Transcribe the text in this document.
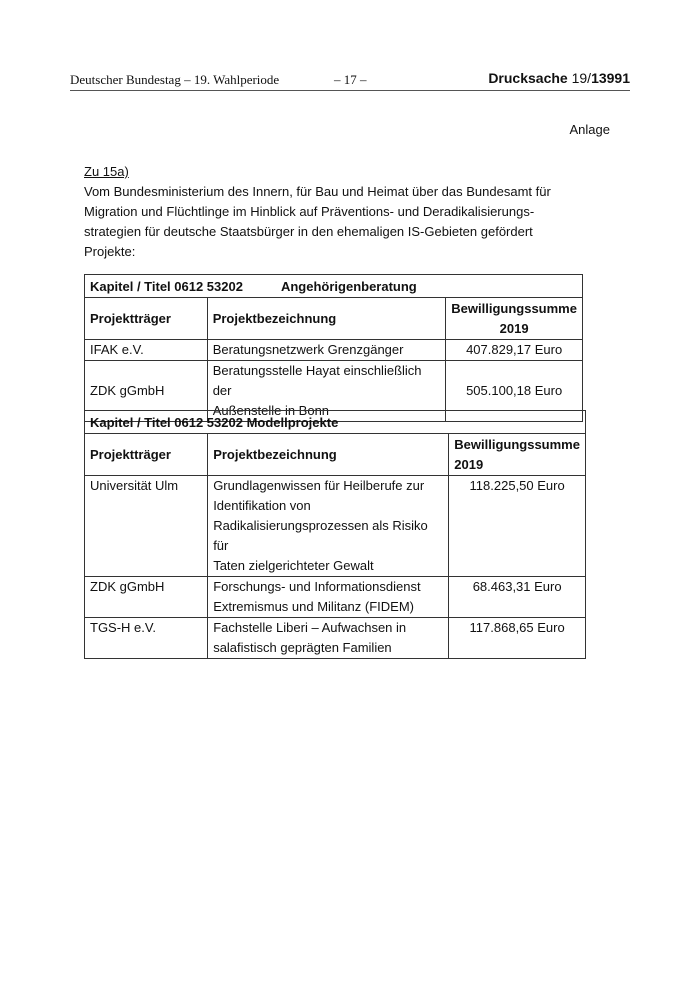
Deutscher Bundestag – 19. Wahlperiode	– 17 –	Drucksache 19/13991
Anlage
Zu 15a)
Vom Bundesministerium des Innern, für Bau und Heimat über das Bundesamt für
Migration und Flüchtlinge im Hinblick auf Präventions- und Deradikalisierungs-
strategien für deutsche Staatsbürger in den ehemaligen IS-Gebieten gefördert
Projekte:
Kapitel / Titel 0612 53202 Angehörigenberatung		
Projektträger	Projektbezeichnung	Bewilligungssumme
2019

IFAK e.V.	Beratungsnetzwerk Grenzgänger	407.829,17 Euro
ZDK gGmbH	Beratungsstelle Hayat einschließlich der
Außenstelle in Bonn	505.100,18 Euro
Kapitel / Titel 0612 53202 Modellprojekte		
Projektträger	Projektbezeichnung	Bewilligungssumme
2019

Universität Ulm	Grundlagenwissen für Heilberufe zur
Identifikation von
Radikalisierungsprozessen als Risiko für
Taten zielgerichteter Gewalt	118.225,50 Euro
ZDK gGmbH	Forschungs- und Informationsdienst
Extremismus und Militanz (FIDEM)	68.463,31 Euro
TGS-H e.V.	Fachstelle Liberi – Aufwachsen in
salafistisch geprägten Familien	117.868,65 Euro
